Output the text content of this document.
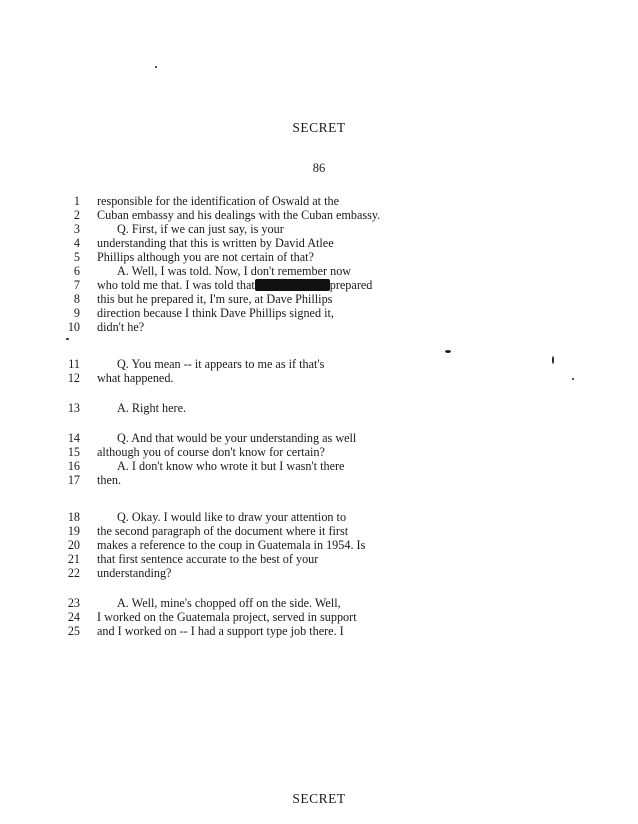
SECRET
86
1 responsible for the identification of Oswald at the
2 Cuban embassy and his dealings with the Cuban embassy.
3	Q. First, if we can just say, is your
4 understanding that this is written by David Atlee
5 Phillips although you are not certain of that?
6	A. Well, I was told. Now, I don't remember now
7 who told me that. I was told that	prepared
8 this but he prepared it, I'm sure, at Dave Phillips
9 direction because I think Dave Phillips signed it,
10 didn't he?
11	Q. You mean -- it appears to me as if that's
12 what happened.
13	A. Right here.
14	Q. And that would be your understanding as well
15 although you of course don't know for certain?
16	A. I don't know who wrote it but I wasn't there
17 then.
18	Q. Okay. I would like to draw your attention to
19 the second paragraph of the document where it first
20 makes a reference to the coup in Guatemala in 1954. Is
21 that first sentence accurate to the best of your
22 understanding?
23	A. Well, mine's chopped off on the side. Well,
24 I worked on the Guatemala project, served in support
25 and I worked on -- I had a support type job there. I
SECRET
